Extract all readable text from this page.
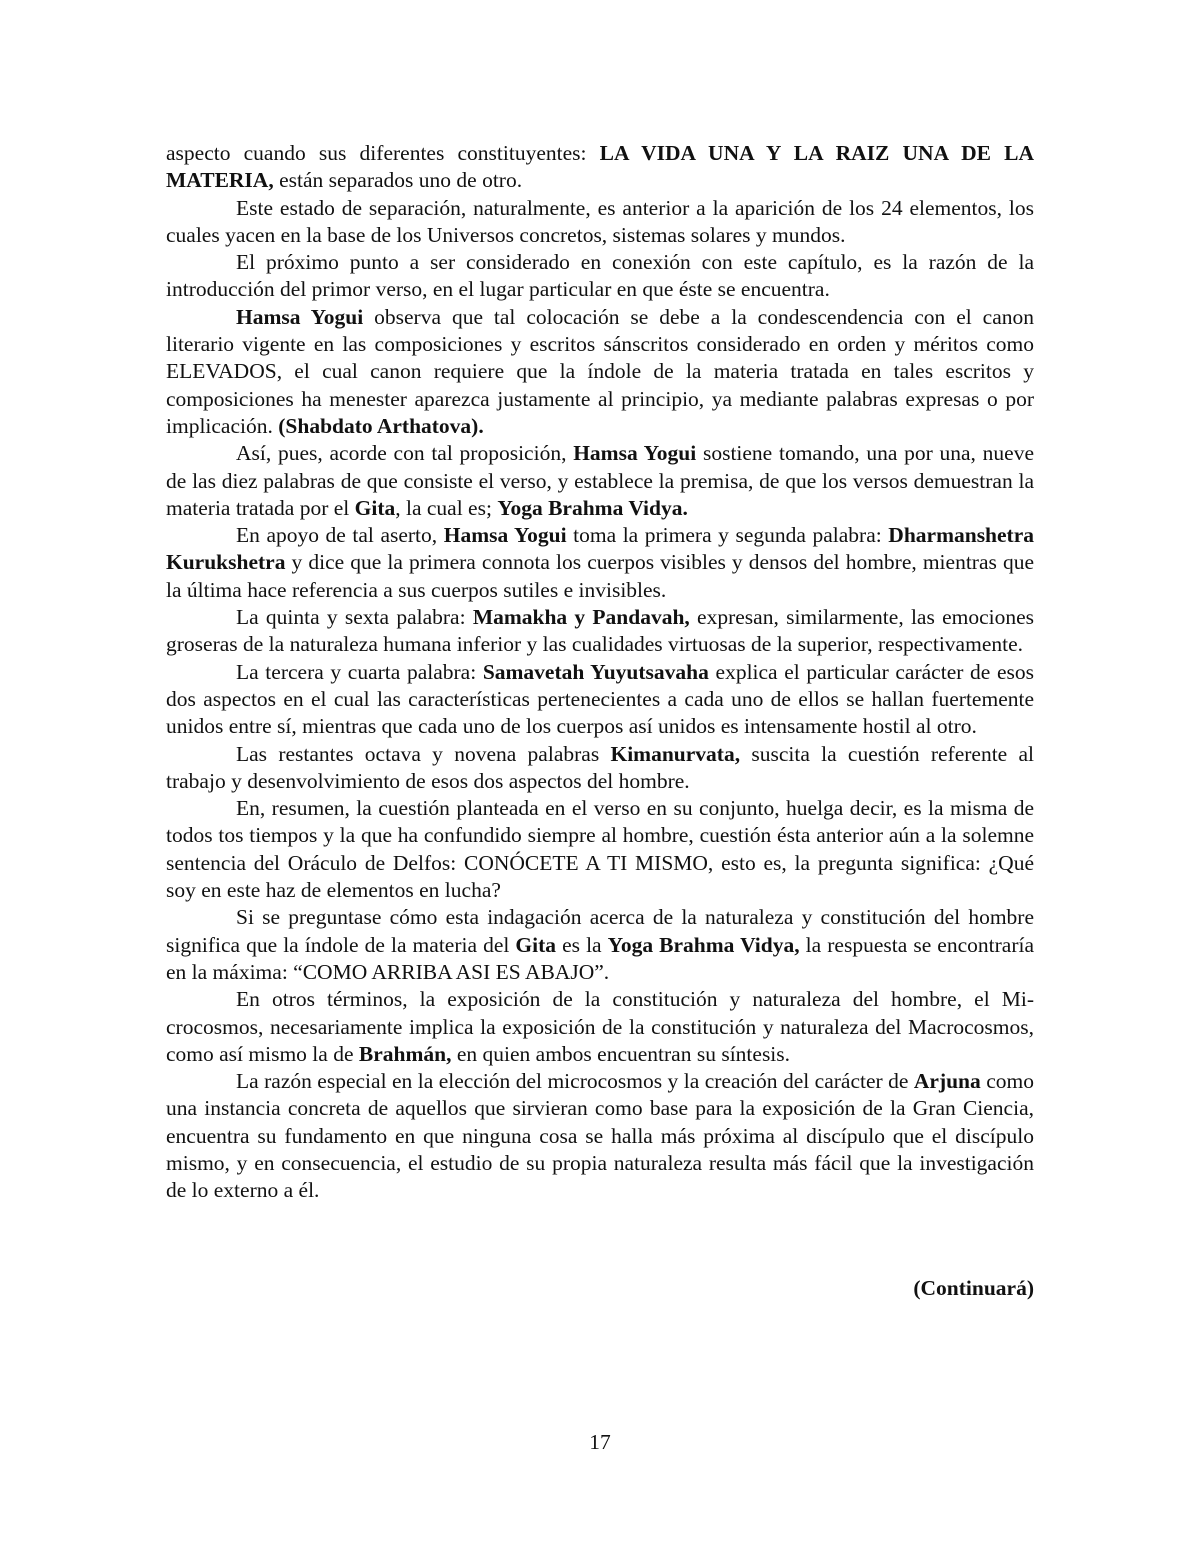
aspecto cuando sus diferentes constituyentes: LA VIDA UNA Y LA RAIZ UNA DE LA MATERIA, están separados uno de otro.

Este estado de separación, naturalmente, es anterior a la aparición de los 24 elementos, los cuales yacen en la base de los Universos concretos, sistemas solares y mundos.

El próximo punto a ser considerado en conexión con este capítulo, es la razón de la introducción del primor verso, en el lugar particular en que éste se encuentra.

Hamsa Yogui observa que tal colocación se debe a la condescendencia con el canon literario vigente en las composiciones y escritos sánscritos considerado en orden y méritos como ELEVADOS, el cual canon requiere que la índole de la materia tratada en tales escritos y composiciones ha menester aparezca justamente al principio, ya mediante palabras expresas o por implicación. (Shabdato Arthatova).

Así, pues, acorde con tal proposición, Hamsa Yogui sostiene tomando, una por una, nueve de las diez palabras de que consiste el verso, y establece la premisa, de que los versos demuestran la materia tratada por el Gita, la cual es; Yoga Brahma Vidya.

En apoyo de tal aserto, Hamsa Yogui toma la primera y segunda palabra: Dharmanshetra Kurukshetra y dice que la primera connota los cuerpos visibles y densos del hombre, mientras que la última hace referencia a sus cuerpos sutiles e invisibles.

La quinta y sexta palabra: Mamakha y Pandavah, expresan, similarmente, las emociones groseras de la naturaleza humana inferior y las cualidades virtuosas de la superior, respectivamente.

La tercera y cuarta palabra: Samavetah Yuyutsavaha explica el particular carácter de esos dos aspectos en el cual las características pertenecientes a cada uno de ellos se hallan fuertemente unidos entre sí, mientras que cada uno de los cuerpos así unidos es intensamente hostil al otro.

Las restantes octava y novena palabras Kimanurvata, suscita la cuestión referente al trabajo y desenvolvimiento de esos dos aspectos del hombre.

En, resumen, la cuestión planteada en el verso en su conjunto, huelga decir, es la misma de todos tos tiempos y la que ha confundido siempre al hombre, cuestión ésta anterior aún a la solemne sentencia del Oráculo de Delfos: CONÓCETE A TI MISMO, esto es, la pregunta significa: ¿Qué soy en este haz de elementos en lucha?

Si se preguntase cómo esta indagación acerca de la naturaleza y constitución del hombre significa que la índole de la materia del Gita es la Yoga Brahma Vidya, la respuesta se encontraría en la máxima: “COMO ARRIBA ASI ES ABAJO”.

En otros términos, la exposición de la constitución y naturaleza del hombre, el Microcosmos, necesariamente implica la exposición de la constitución y naturaleza del Macrocosmos, como así mismo la de Brahmán, en quien ambos encuentran su síntesis.

La razón especial en la elección del microcosmos y la creación del carácter de Arjuna como una instancia concreta de aquellos que sirvieran como base para la exposición de la Gran Ciencia, encuentra su fundamento en que ninguna cosa se halla más próxima al discípulo que el discípulo mismo, y en consecuencia, el estudio de su propia naturaleza resulta más fácil que la investigación de lo externo a él.

(Continuará)
17
